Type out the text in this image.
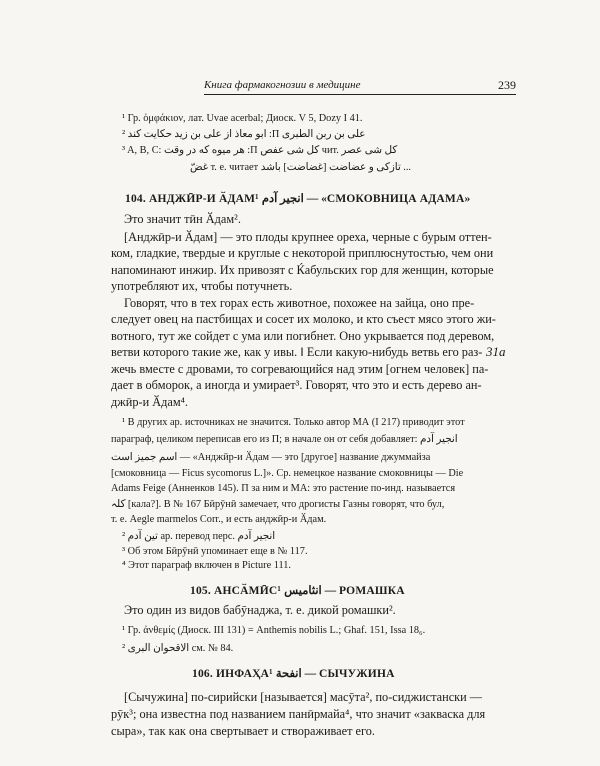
Книга фармакогнозии в медицине	239
¹ Гр. ὀμφάκιον, лат. Uvae acerbal; Диоск. V 5, Dozy I 41.
² ابو معاذ از علی بن زید حکایت کند :П علی بن ربن الطبری
³ A, B, C: هر میوه که در وقت :Π کل شی عفص чит. کل شی عصر
غضّ т. е. читает تازکی و عضاضت [غضاضت] باشد ...
104. АНДЖӢР-И ӐДАМ¹ انجیر آدم — «СМОКОВНИЦА АДАМА»
Это значит тӣн Ӑдам².
[Анджӣр-и Ӑдам] — это плоды крупнее ореха, черные с бурым оттен-
ком, гладкие, твердые и круглые с некоторой приплюснутостью, чем они
напоминают инжир. Их привозят с Ќабульских гор для женщин, которые
употребляют их, чтобы потучнеть.
Говорят, что в тех горах есть животное, похожее на зайца, оно пре-
следует овец на пастбищах и сосет их молоко, и кто съест мясо этого жи-
вотного, тут же сойдет с ума или погибнет. Оно укрывается под деревом,
ветви которого такие же, как у ивы. ‖ Если какую-нибудь ветвь его раз- 31a
жечь вместе с дровами, то согревающийся над этим [огнем человек] па-
дает в обморок, а иногда и умирает³. Говорят, что это и есть дерево ан-
джӣр-и Ӑдам⁴.
¹ В других ар. источниках не значится. Только автор МА (I 217) приводит этот
параграф, целиком переписав его из П; в начале он от себя добавляет: انجیر آدم
اسم جمیز است — «Анджӣр-и Ӑдам — это [другое] название джуммайза
[смоковница — Ficus sycomorus L.]». Ср. немецкое название смоковницы — Die
Adams Feige (Анненков 145). П за ним и МА: это растение по-инд. называется
کلہ [кала?]. В № 167 Бӣрӯнӣ замечает, что дрогисты Газны говорят, что бул,
т. е. Aegle marmelos Corr., и есть анджӣр-и Ӑдам.
² تین آدم ар. перевод перс. انجیر آدم
³ Об этом Бӣрӯнӣ упоминает еще в № 117.
⁴ Этот параграф включен в Picture 111.
105. АНСӐМӢС¹ انثامیس — РОМАШКА
Это один из видов бабӯнаджа, т. е. дикой ромашки².
¹ Гр. ἀνθεμίς (Диоск. III 131) = Anthemis nobilis L.; Ghaf. 151, Issa 18₆.
² الاقحوان البری см. № 84.
106. ИНФАҲА¹ انفحة — СЫЧУЖИНА
[Сычужина] по-сирийски [называется] масӯта², по-сиджистански —
рӯк³; она известна под названием панӣрмайа⁴, что значит «закваска для
сыра», так как она свертывает и створаживает его.
